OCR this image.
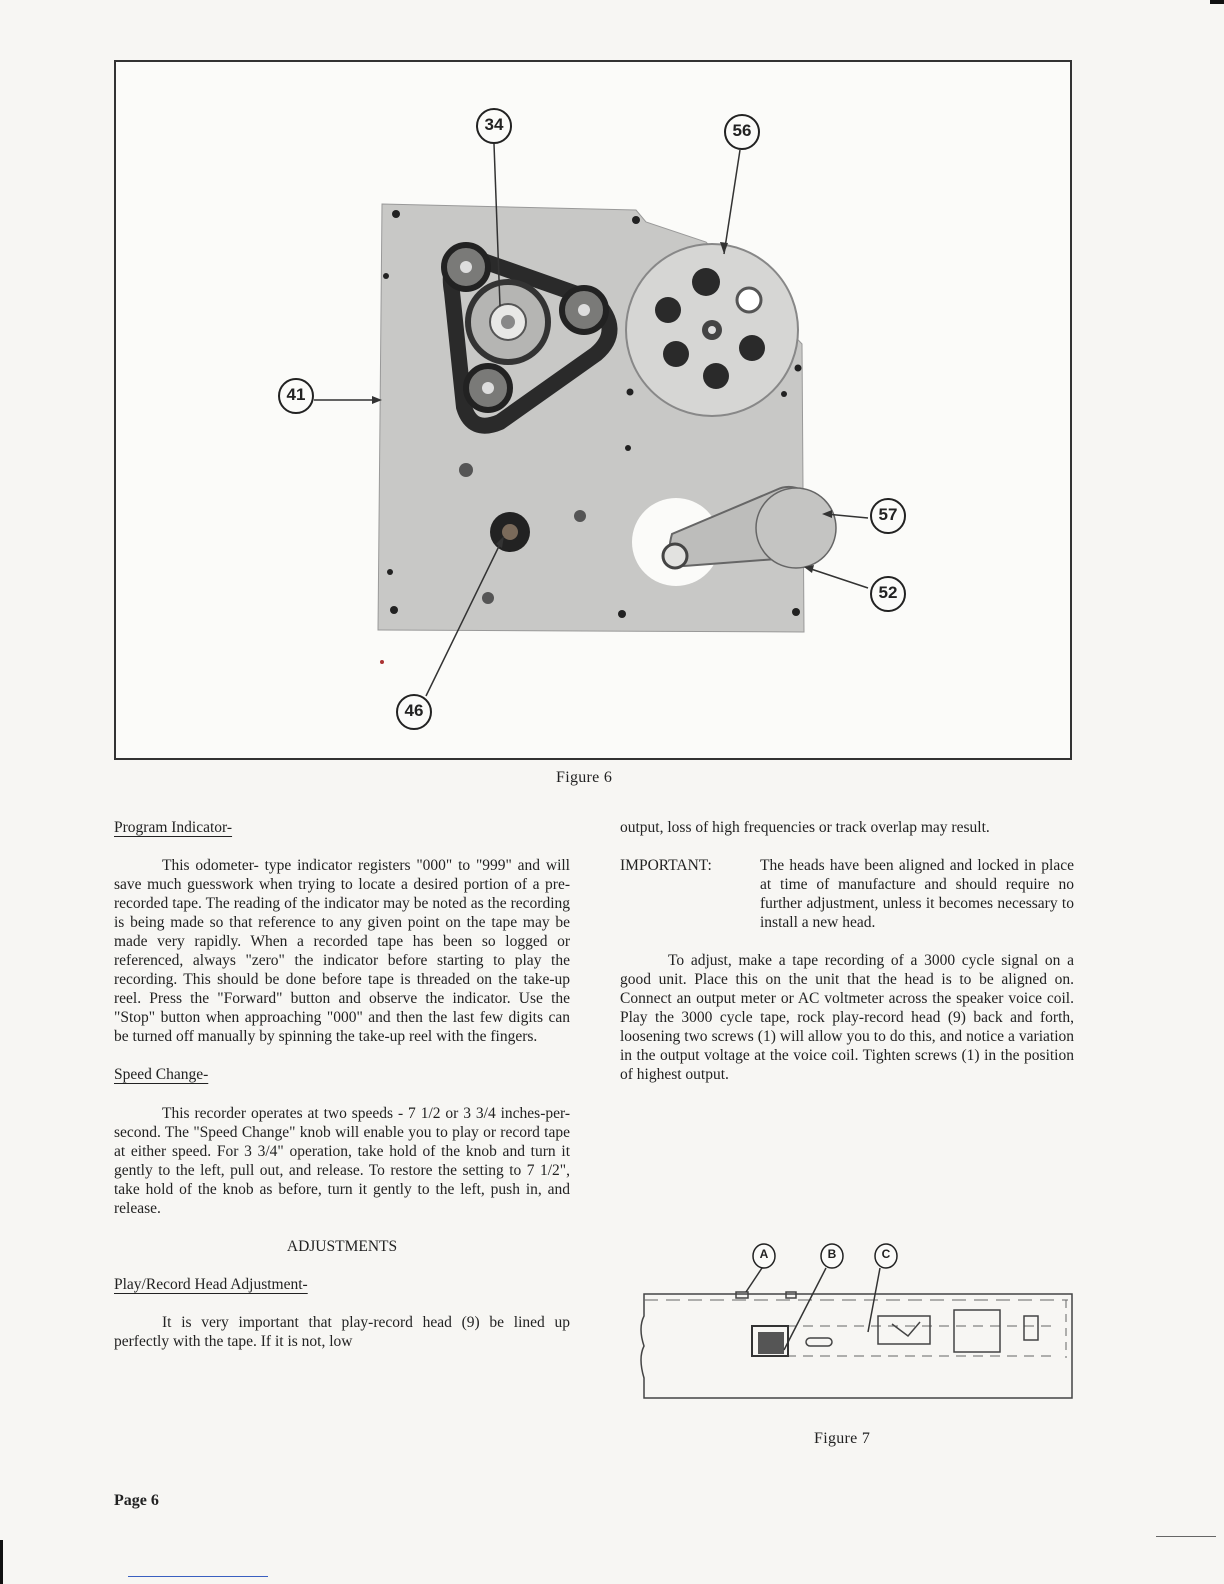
34	56
41
57
52
46
Figure 6

Program Indicator-

This odometer- type indicator registers "000" to "999" and will save much guesswork when trying to locate a desired portion of a pre-recorded tape. The reading of the indicator may be noted as the recording is being made so that reference to any given point on the tape may be made very rapidly. When a recorded tape has been so logged or referenced, always "zero" the indicator before starting to play the recording. This should be done before tape is threaded on the take-up reel. Press the "Forward" button and observe the indicator. Use the "Stop" button when approaching "000" and then the last few digits can be turned off manually by spinning the take-up reel with the fingers.

Speed Change-

This recorder operates at two speeds - 7 1/2 or 3 3/4 inches-per-second. The "Speed Change" knob will enable you to play or record tape at either speed. For 3 3/4" operation, take hold of the knob and turn it gently to the left, pull out, and release. To restore the setting to 7 1/2", take hold of the knob as before, turn it gently to the left, push in, and release.

ADJUSTMENTS

Play/Record Head Adjustment-

It is very important that play-record head (9) be lined up perfectly with the tape. If it is not, low

output, loss of high frequencies or track overlap may result.

IMPORTANT:	The heads have been aligned and locked in place at time of manufacture and should require no further adjustment, unless it becomes necessary to install a new head.

To adjust, make a tape recording of a 3000 cycle signal on a good unit. Place this on the unit that the head is to be aligned on. Connect an output meter or AC voltmeter across the speaker voice coil. Play the 3000 cycle tape, rock play-record head (9) back and forth, loosening two screws (1) will allow you to do this, and notice a variation in the output voltage at the voice coil. Tighten screws (1) in the position of highest output.

A	B	C
Figure 7
Page 6
